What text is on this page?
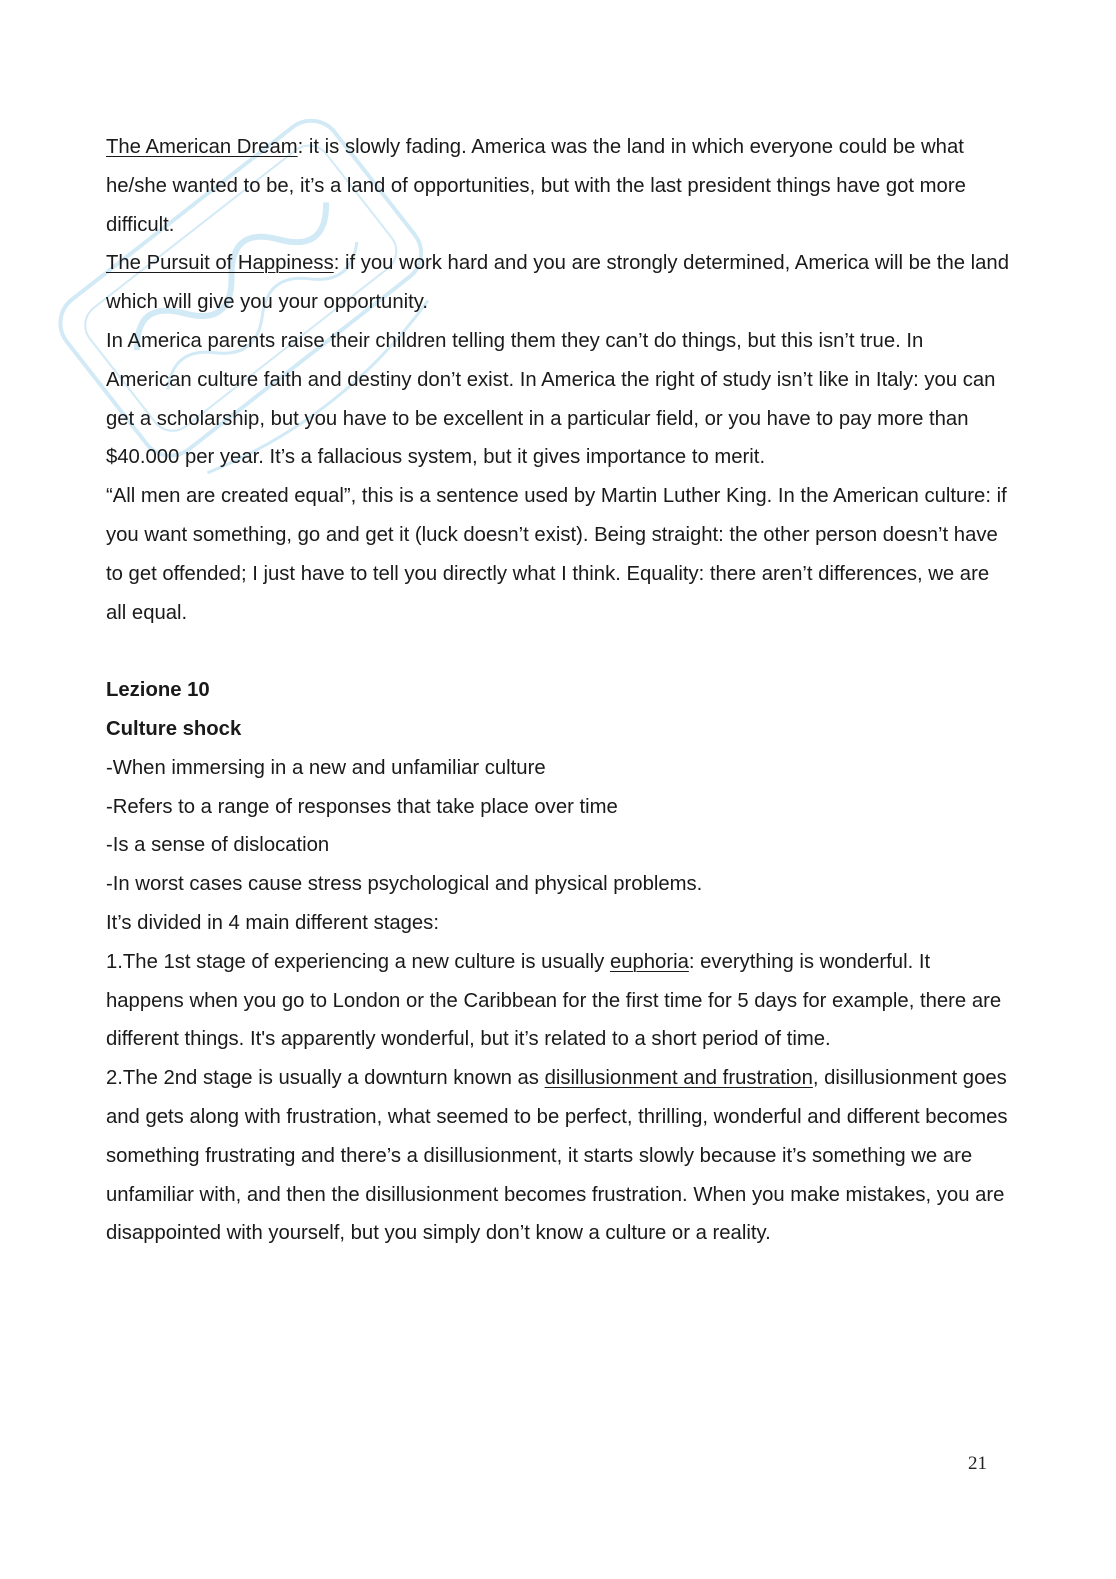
The American Dream: it is slowly fading. America was the land in which everyone could be what he/she wanted to be, it’s a land of opportunities, but with the last president things have got more difficult.

The Pursuit of Happiness: if you work hard and you are strongly determined, America will be the land which will give you your opportunity.

In America parents raise their children telling them they can’t do things, but this isn’t true. In American culture faith and destiny don’t exist. In America the right of study isn’t like in Italy: you can get a scholarship, but you have to be excellent in a particular field, or you have to pay more than $40.000 per year. It’s a fallacious system, but it gives importance to merit.

“All men are created equal”, this is a sentence used by Martin Luther King. In the American culture: if you want something, go and get it (luck doesn’t exist). Being straight: the other person doesn’t have to get offended; I just have to tell you directly what I think. Equality: there aren’t differences, we are all equal.

Lezione 10

Culture shock

-When immersing in a new and unfamiliar culture

-Refers to a range of responses that take place over time

-Is a sense of dislocation

-In worst cases cause stress psychological and physical problems.

It’s divided in 4 main different stages:

1.The 1st stage of experiencing a new culture is usually euphoria: everything is wonderful. It happens when you go to London or the Caribbean for the first time for 5 days for example, there are different things. It's apparently wonderful, but it’s related to a short period of time.

2.The 2nd stage is usually a downturn known as disillusionment and frustration, disillusionment goes and gets along with frustration, what seemed to be perfect, thrilling, wonderful and different becomes something frustrating and there’s a disillusionment, it starts slowly because it’s something we are unfamiliar with, and then the disillusionment becomes frustration. When you make mistakes, you are disappointed with yourself, but you simply don’t know a culture or a reality.

21
